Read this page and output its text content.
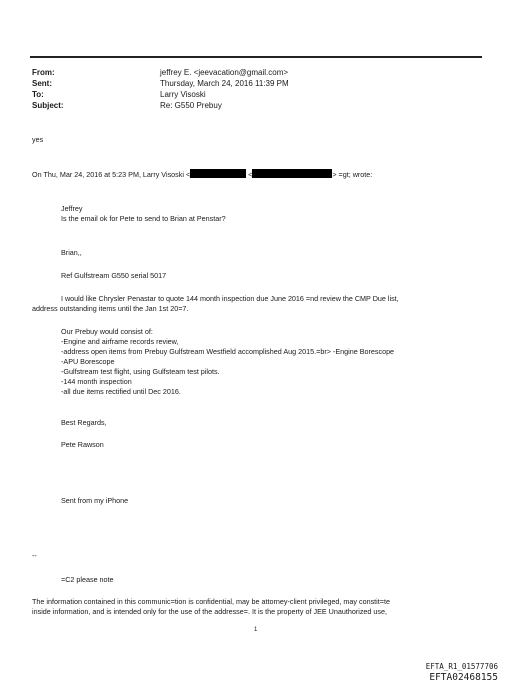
From:	jeffrey E. <jeevacation@gmail.com>
Sent:	Thursday, March 24, 2016 11:39 PM
To:	Larry Visoski
Subject:	Re: G550 Prebuy
yes
On Thu, Mar 24, 2016 at 5:23 PM, Larry Visoski <	<	> =gt; wrote:
Jeffrey
Is the email ok for Pete to send to Brian at Penstar?
Brian,,
Ref Gulfstream G550 serial 5017
I would like Chrysler Penastar to quote 144 month inspection due June 2016 =nd review the CMP Due list,
address outstanding items until the Jan 1st 20=7.
Our Prebuy would consist of:
-Engine and airframe records review,
-address open items from Prebuy Gulfstream Westfield accomplished Aug 2015.=br> -Engine Borescope
-APU Borescope
-Gulfstream test flight, using Gulfsteam test pilots.
-144 month inspection
-all due items rectified until Dec 2016.
Best Regards,
Pete Rawson
Sent from my iPhone
--
=C2 please note
The information contained in this communic=tion is confidential, may be attorney-client privileged, may constit=te
inside information, and is intended only for the use of the addresse=. It is the property of JEE Unauthorized use,
1
EFTA_R1_01577706
EFTA02468155
